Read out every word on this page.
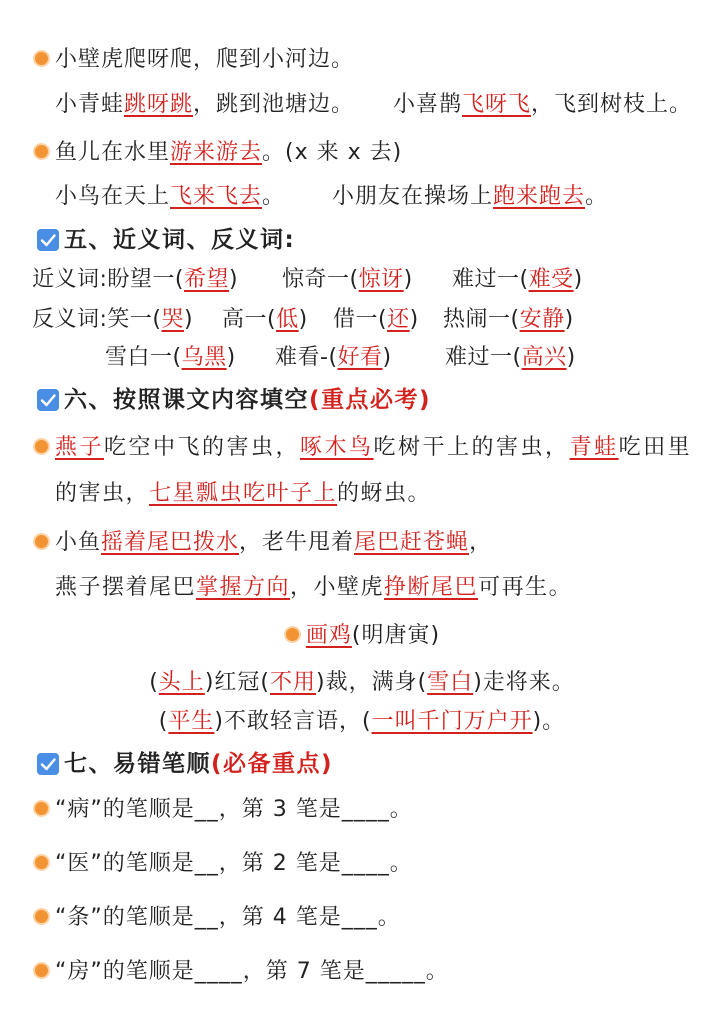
小壁虎爬呀爬，爬到小河边。
小青蛙跳呀跳，跳到池塘边。 小喜鹊飞呀飞，飞到树枝上。
鱼儿在水里游来游去。(x 来 x 去)
小鸟在天上飞来飞去。 小朋友在操场上跑来跑去。
五、近义词、反义词:
近义词:盼望一(希望) 惊奇一(惊讶) 难过一(难受)
反义词:笑一(哭) 高一(低) 借一(还) 热闹一(安静)
雪白一(乌黑) 难看-(好看) 难过一(高兴)
六、按照课文内容填空(重点必考)
燕子吃空中飞的害虫，啄木鸟吃树干上的害虫，青蛙吃田里
的害虫，七星瓢虫吃叶子上的蚜虫。
小鱼摇着尾巴拨水，老牛甩着尾巴赶苍蝇，
燕子摆着尾巴掌握方向，小壁虎挣断尾巴可再生。
画鸡(明唐寅)
(头上)红冠(不用)裁，满身(雪白)走将来。
(平生)不敢轻言语，(一叫千门万户开)。
七、易错笔顺(必备重点)
“病”的笔顺是__，第 3 笔是____。
“医”的笔顺是__，第 2 笔是____。
“条”的笔顺是__，第 4 笔是___。
“房”的笔顺是____，第 7 笔是_____。
